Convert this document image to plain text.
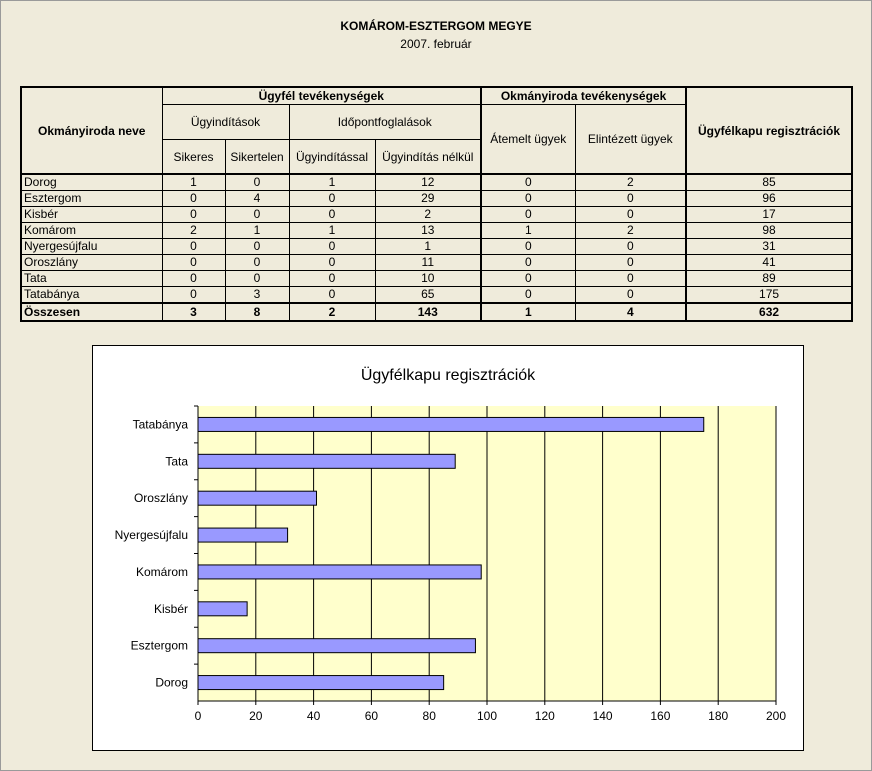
KOMÁROM-ESZTERGOM MEGYE
2007. február
Okmányiroda neve	Ügyfél tevékenységek				Okmányiroda tevékenységek		Ügyfélkapu regisztrációk
	Ügyindítások		Időpontfoglalások		Átemelt ügyek	Elintézett ügyek	
	Sikeres	Sikertelen	Ügyindítással	Ügyindítás nélkül			
Dorog	1	0	1	12	0	2	85
Esztergom	0	4	0	29	0	0	96
Kisbér	0	0	0	2	0	0	17
Komárom	2	1	1	13	1	2	98
Nyergesújfalu	0	0	0	1	0	0	31
Oroszlány	0	0	0	11	0	0	41
Tata	0	0	0	10	0	0	89
Tatabánya	0	3	0	65	0	0	175
Összesen	3	8	2	143	1	4	632
Ügyfélkapu regisztrációk
0	20	40	60	80	100	120	140	160	180	200
Tatabánya
Tata
Oroszlány
Nyergesújfalu
Komárom
Kisbér
Esztergom
Dorog
